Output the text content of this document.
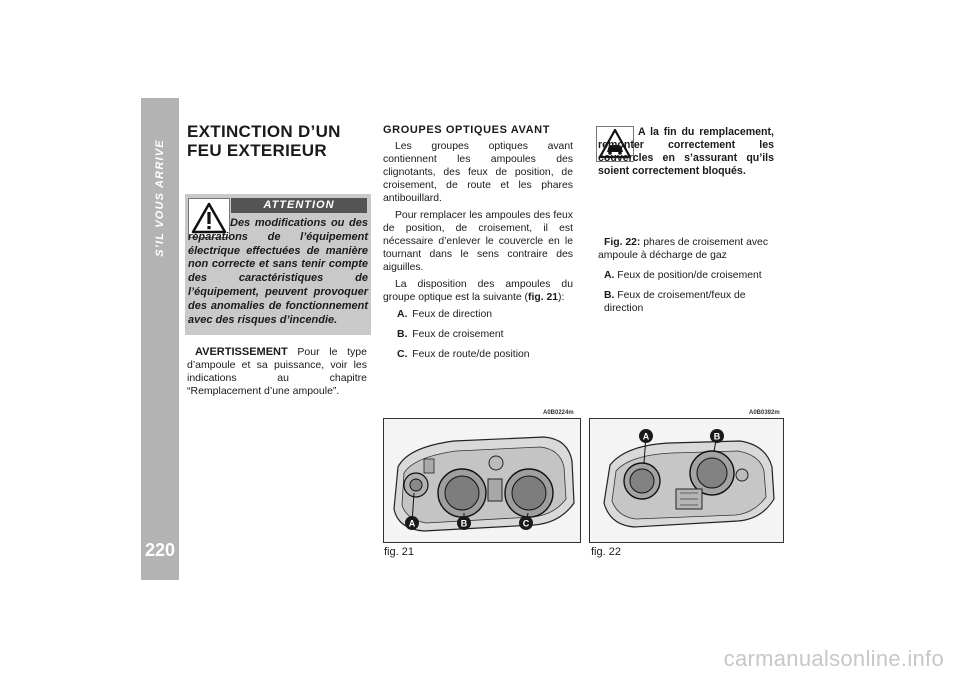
S’IL VOUS ARRIVE
220
EXTINCTION D’UN FEU EXTERIEUR
ATTENTION
Des modifications ou des réparations de l’équipement électrique effectuées de manière non correcte et sans tenir compte des caractéristiques de l’équipement, peuvent provoquer des anomalies de fonctionnement avec des risques d’incendie.
AVERTISSEMENT Pour le type d’ampoule et sa puissance, voir les indications au chapitre “Remplacement d’une ampoule”.
GROUPES OPTIQUES AVANT

Les groupes optiques avant contiennent les ampoules des clignotants, des feux de position, de croisement, de route et les phares antibouillard.

Pour remplacer les ampoules des feux de position, de croisement, il est nécessaire d’enlever le couvercle en le tournant dans le sens contraire des aiguilles.

La disposition des ampoules du groupe optique est la suivante (fig. 21):

A. Feux de direction
B. Feux de croisement
C. Feux de route/de position
A la fin du remplacement, remonter correctement les couvercles en s’assurant qu’ils soient correctement bloqués.

Fig. 22: phares de croisement avec ampoule à décharge de gaz

A. Feux de position/de croisement

B. Feux de croisement/feux de direction

A0B0224m
A	B	C
fig. 21
A0B0392m
A	B
fig. 22
carmanualsonline.info
